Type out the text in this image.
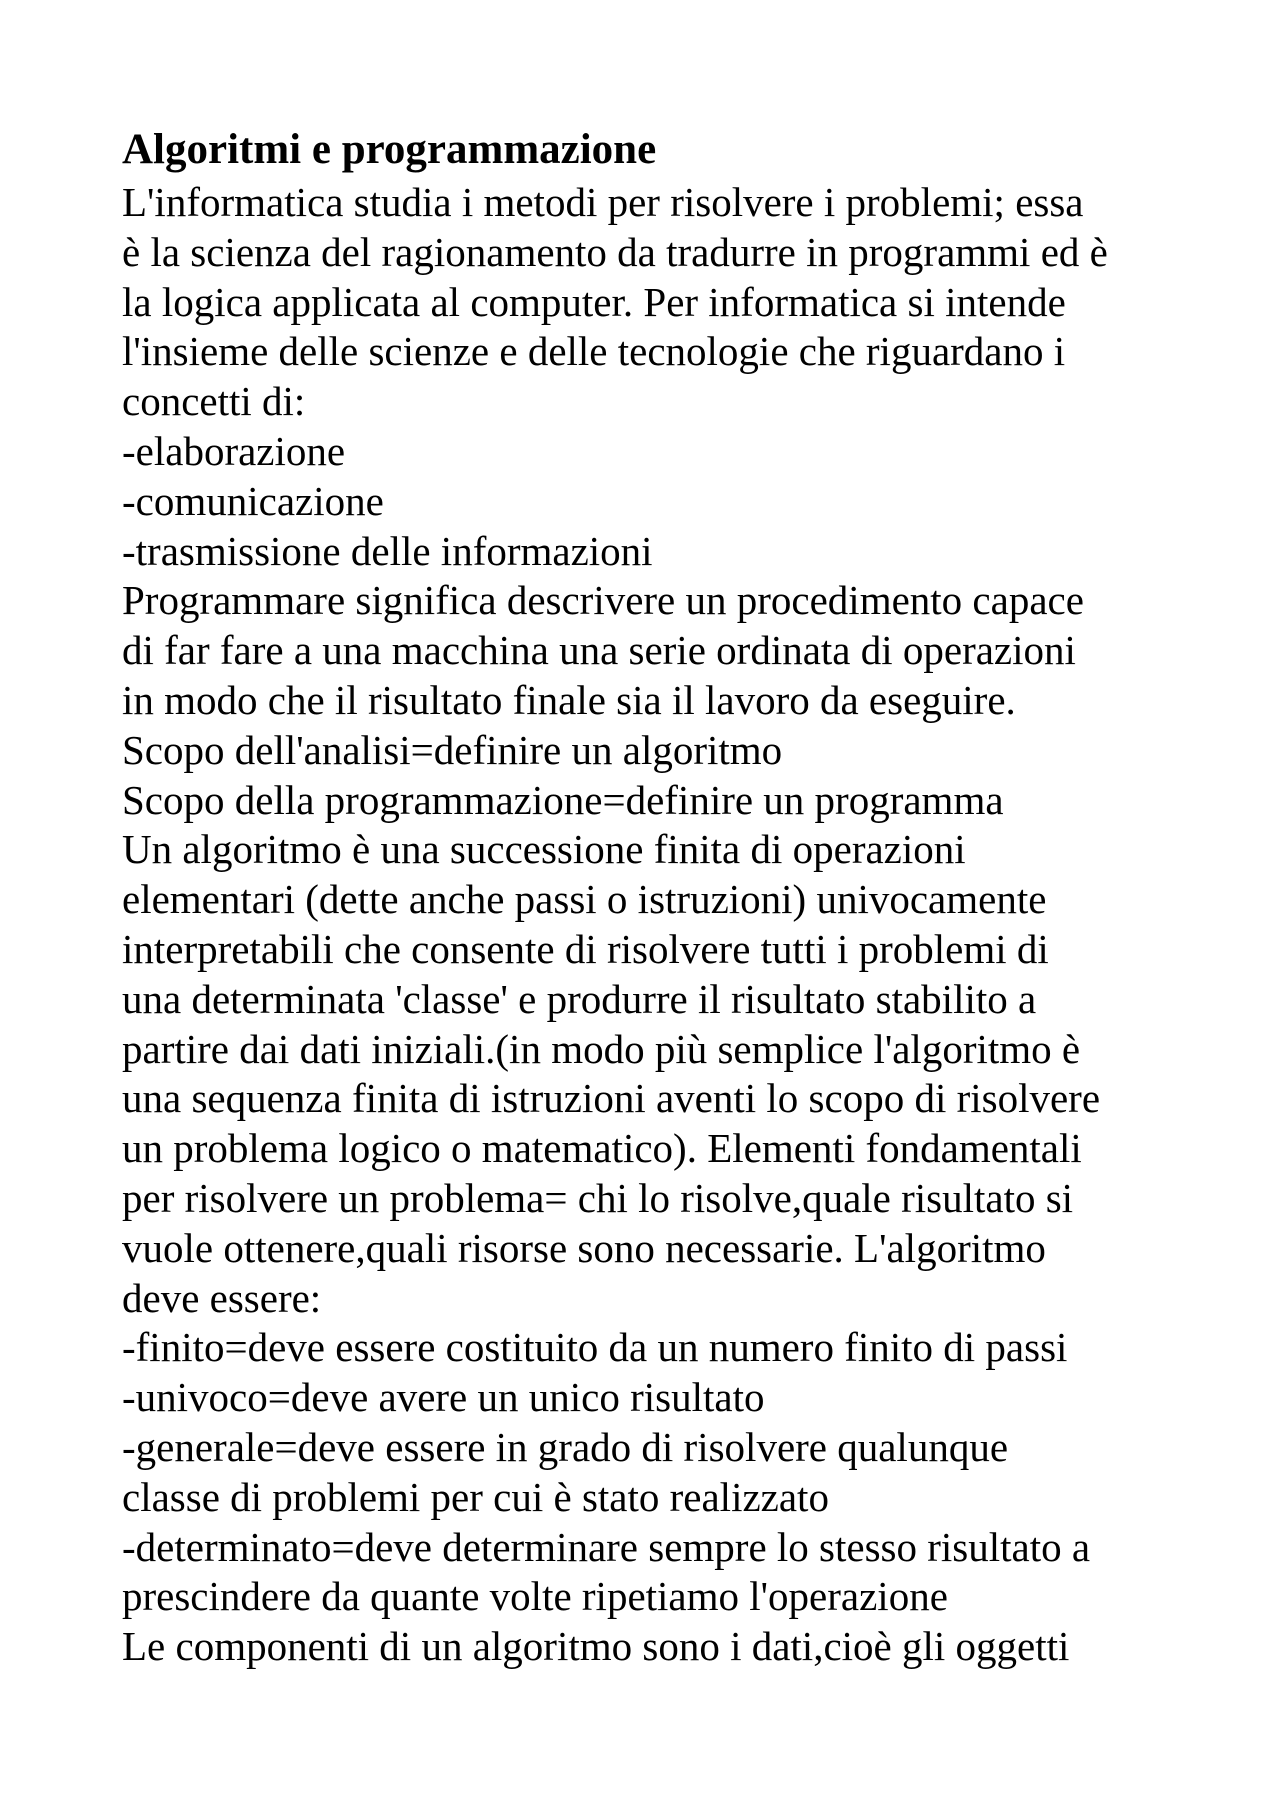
Algoritmi e programmazione

L'informatica studia i metodi per risolvere i problemi; essa

è la scienza del ragionamento da tradurre in programmi ed è

la logica applicata al computer. Per informatica si intende

l'insieme delle scienze e delle tecnologie che riguardano i

concetti di:

-elaborazione

-comunicazione

-trasmissione delle informazioni

Programmare significa descrivere un procedimento capace

di far fare a una macchina una serie ordinata di operazioni

in modo che il risultato finale sia il lavoro da eseguire.

Scopo dell'analisi=definire un algoritmo

Scopo della programmazione=definire un programma

Un algoritmo è una successione finita di operazioni

elementari (dette anche passi o istruzioni) univocamente

interpretabili che consente di risolvere tutti i problemi di

una determinata 'classe' e produrre il risultato stabilito a

partire dai dati iniziali.(in modo più semplice l'algoritmo è

una sequenza finita di istruzioni aventi lo scopo di risolvere

un problema logico o matematico). Elementi fondamentali

per risolvere un problema= chi lo risolve,quale risultato si

vuole ottenere,quali risorse sono necessarie. L'algoritmo

deve essere:

-finito=deve essere costituito da un numero finito di passi

-univoco=deve avere un unico risultato

-generale=deve essere in grado di risolvere qualunque

classe di problemi per cui è stato realizzato

-determinato=deve determinare sempre lo stesso risultato a

prescindere da quante volte ripetiamo l'operazione

Le componenti di un algoritmo sono i dati,cioè gli oggetti
